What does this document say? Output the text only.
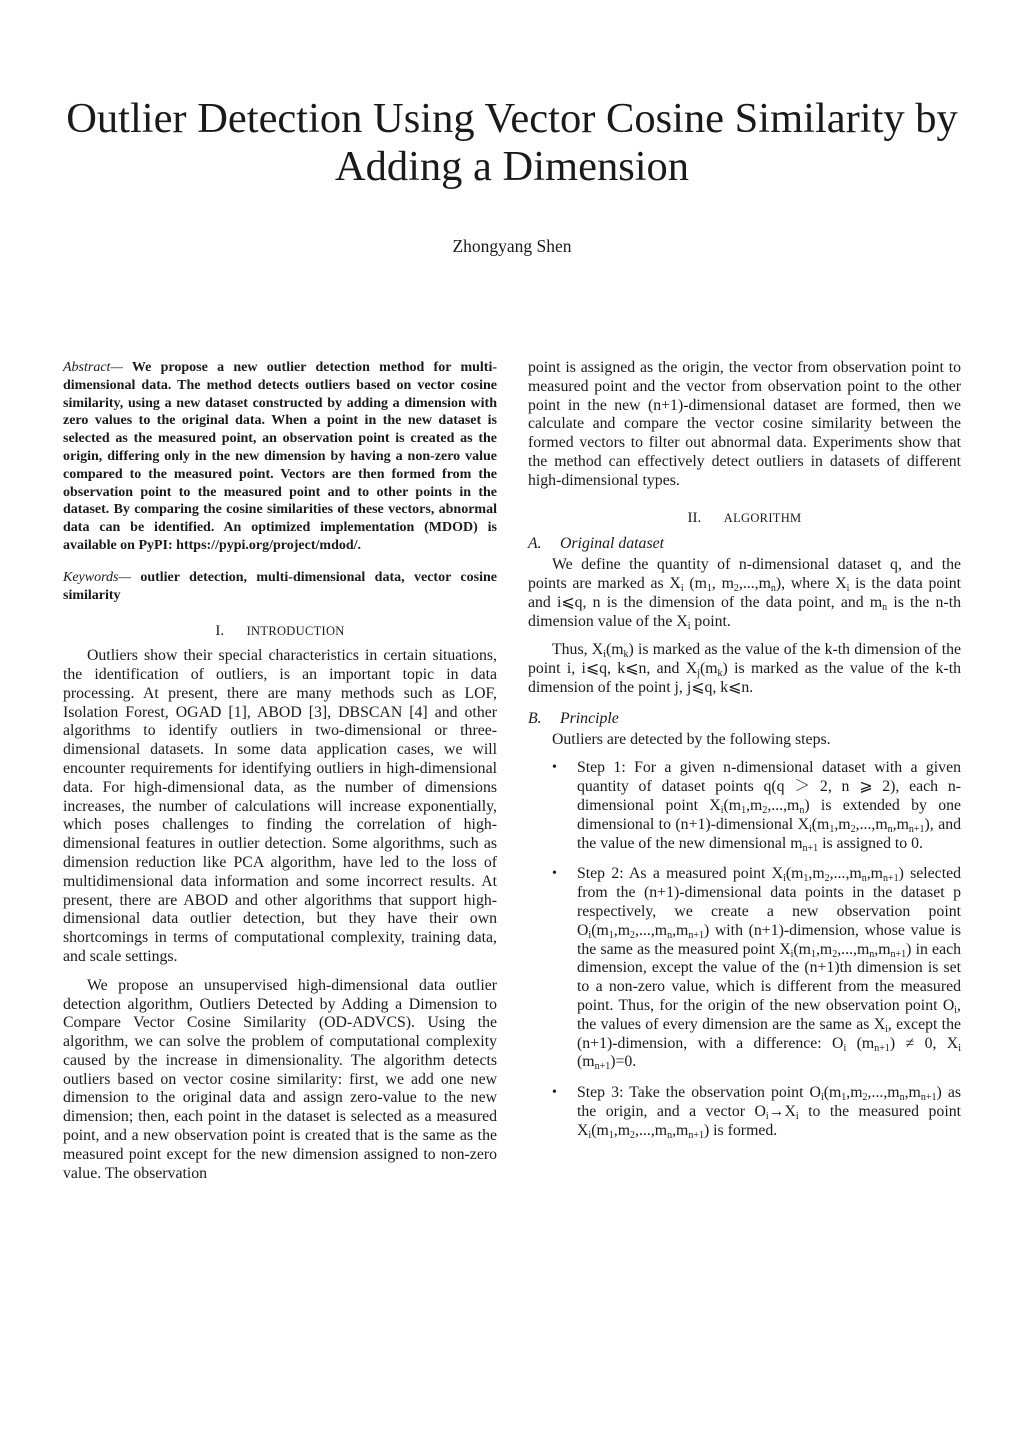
Outlier Detection Using Vector Cosine Similarity by Adding a Dimension
Zhongyang Shen

Abstract— We propose a new outlier detection method for multi-dimensional data. The method detects outliers based on vector cosine similarity, using a new dataset constructed by adding a dimension with zero values to the original data. When a point in the new dataset is selected as the measured point, an observation point is created as the origin, differing only in the new dimension by having a non-zero value compared to the measured point. Vectors are then formed from the observation point to the measured point and to other points in the dataset. By comparing the cosine similarities of these vectors, abnormal data can be identified. An optimized implementation (MDOD) is available on PyPI: https://pypi.org/project/mdod/.

Keywords— outlier detection, multi-dimensional data, vector cosine similarity

I. INTRODUCTION

Outliers show their special characteristics in certain situations, the identification of outliers, is an important topic in data processing. At present, there are many methods such as LOF, Isolation Forest, OGAD [1], ABOD [3], DBSCAN [4] and other algorithms to identify outliers in two-dimensional or three-dimensional datasets. In some data application cases, we will encounter requirements for identifying outliers in high-dimensional data. For high-dimensional data, as the number of dimensions increases, the number of calculations will increase exponentially, which poses challenges to finding the correlation of high-dimensional features in outlier detection. Some algorithms, such as dimension reduction like PCA algorithm, have led to the loss of multidimensional data information and some incorrect results. At present, there are ABOD and other algorithms that support high-dimensional data outlier detection, but they have their own shortcomings in terms of computational complexity, training data, and scale settings.

We propose an unsupervised high-dimensional data outlier detection algorithm, Outliers Detected by Adding a Dimension to Compare Vector Cosine Similarity (OD-ADVCS). Using the algorithm, we can solve the problem of computational complexity caused by the increase in dimensionality. The algorithm detects outliers based on vector cosine similarity: first, we add one new dimension to the original data and assign zero-value to the new dimension; then, each point in the dataset is selected as a measured point, and a new observation point is created that is the same as the measured point except for the new dimension assigned to non-zero value. The observation

point is assigned as the origin, the vector from observation point to measured point and the vector from observation point to the other point in the new (n+1)-dimensional dataset are formed, then we calculate and compare the vector cosine similarity between the formed vectors to filter out abnormal data. Experiments show that the method can effectively detect outliers in datasets of different high-dimensional types.

II. ALGORITHM
A. Original dataset

We define the quantity of n-dimensional dataset q, and the points are marked as $X_i$ ($m_1$, $m_2,...,m_n$), where $X_i$ is the data point and i⩽q, n is the dimension of the data point, and $m_n$ is the n-th dimension value of the $X_i$ point.

Thus, $X_i(m_k)$ is marked as the value of the k-th dimension of the point i, i⩽q, k⩽n, and $X_j(m_k)$ is marked as the value of the k-th dimension of the point j, j⩽q, k⩽n.

B. Principle

Outliers are detected by the following steps.

• Step 1: For a given n-dimensional dataset with a given quantity of dataset points q(q ＞ 2, n ⩾ 2), each n-dimensional point $X_i(m_1,m_2,...,m_n)$ is extended by one dimensional to (n+1)-dimensional $X_i(m_1,m_2,...,m_n,m_{n+1})$, and the value of the new dimensional $m_{n+1}$ is assigned to 0.
• Step 2: As a measured point $X_i(m_1,m_2,...,m_n,m_{n+1})$ selected from the (n+1)-dimensional data points in the dataset p respectively, we create a new observation point $O_i(m_1,m_2,...,m_n,m_{n+1})$ with (n+1)-dimension, whose value is the same as the measured point $X_i(m_1,m_2,...,m_n,m_{n+1})$ in each dimension, except the value of the (n+1)th dimension is set to a non-zero value, which is different from the measured point. Thus, for the origin of the new observation point $O_i$, the values of every dimension are the same as $X_i$, except the (n+1)-dimension, with a difference: $O_i$ $(m_{n+1}) \ne 0$, $X_i$ $(m_{n+1})=0$.
• Step 3: Take the observation point $O_i(m_1,m_2,...,m_n,m_{n+1})$ as the origin, and a vector $O_i\to X_i$ to the measured point $X_i(m_1,m_2,...,m_n,m_{n+1})$ is formed.
